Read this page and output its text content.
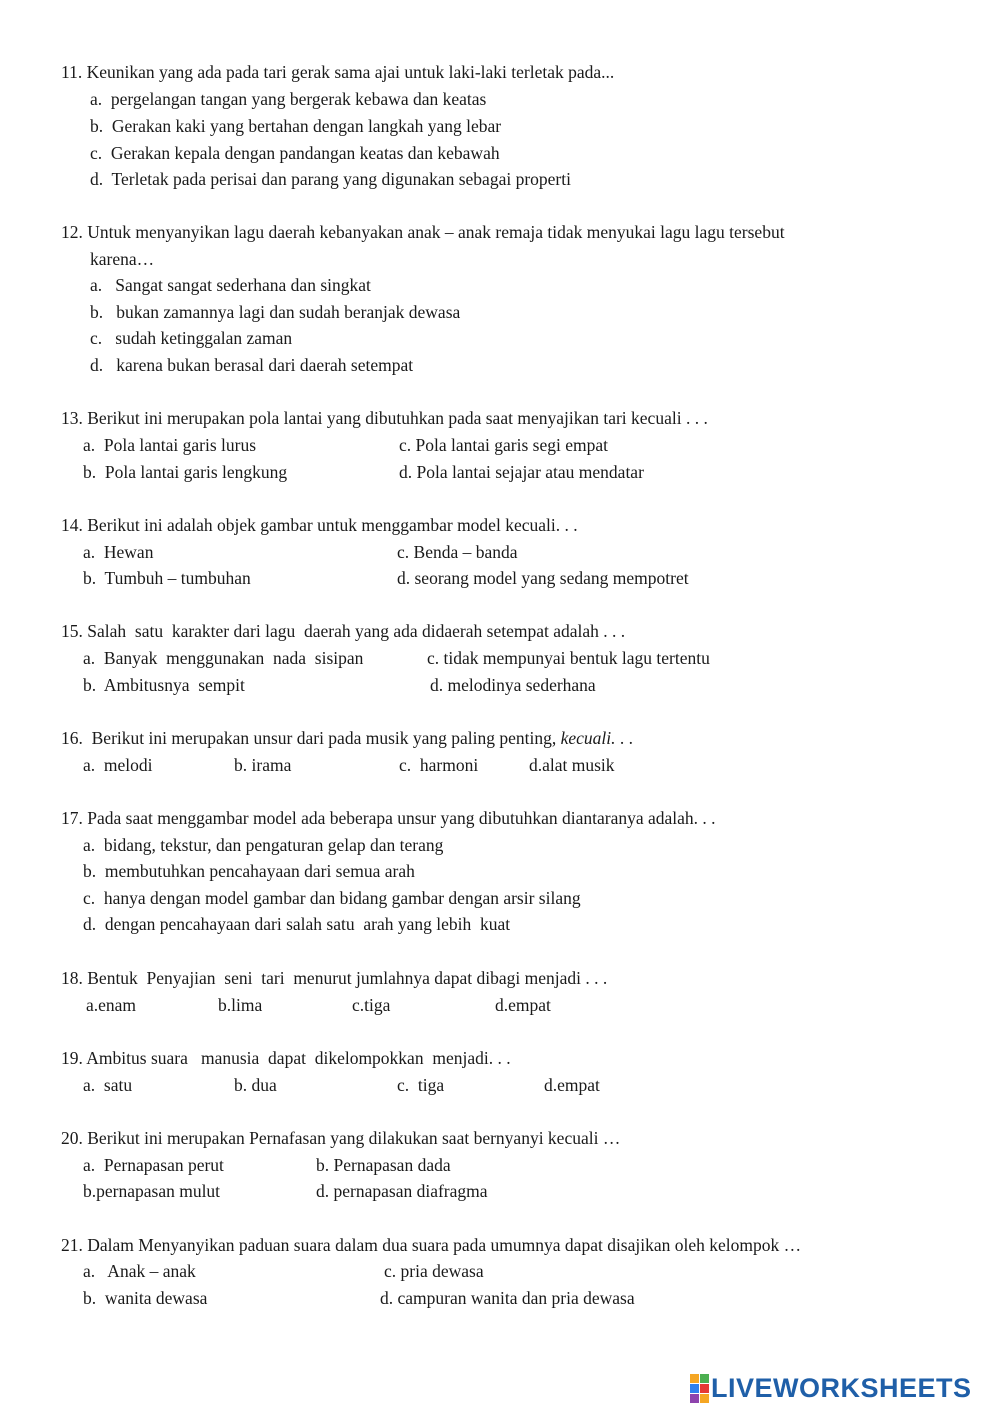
11. Keunikan yang ada pada tari gerak sama ajai untuk laki-laki terletak pada...
a.  pergelangan tangan yang bergerak kebawa dan keatas
b.  Gerakan kaki yang bertahan dengan langkah yang lebar
c.  Gerakan kepala dengan pandangan keatas dan kebawah
d.  Terletak pada perisai dan parang yang digunakan sebagai properti
12. Untuk menyanyikan lagu daerah kebanyakan anak – anak remaja tidak menyukai lagu lagu tersebut
karena…
a.   Sangat sangat sederhana dan singkat
b.   bukan zamannya lagi dan sudah beranjak dewasa
c.   sudah ketinggalan zaman
d.   karena bukan berasal dari daerah setempat
13. Berikut ini merupakan pola lantai yang dibutuhkan pada saat menyajikan tari kecuali . . .
a.  Pola lantai garis lurus	c. Pola lantai garis segi empat
b.  Pola lantai garis lengkung	d. Pola lantai sejajar atau mendatar
14. Berikut ini adalah objek gambar untuk menggambar model kecuali. . .
a.  Hewan	c. Benda – banda
b.  Tumbuh – tumbuhan	d. seorang model yang sedang mempotret
15. Salah  satu  karakter dari lagu  daerah yang ada didaerah setempat adalah . . .
a.  Banyak  menggunakan  nada  sisipan	c. tidak mempunyai bentuk lagu tertentu
b.  Ambitusnya  sempit	d. melodinya sederhana
16.  Berikut ini merupakan unsur dari pada musik yang paling penting, kecuali. . .
a.  melodi	b. irama	c.  harmoni	d.alat musik
17. Pada saat menggambar model ada beberapa unsur yang dibutuhkan diantaranya adalah. . .
a.  bidang, tekstur, dan pengaturan gelap dan terang
b.  membutuhkan pencahayaan dari semua arah
c.  hanya dengan model gambar dan bidang gambar dengan arsir silang
d.  dengan pencahayaan dari salah satu  arah yang lebih  kuat
18. Bentuk  Penyajian  seni  tari  menurut jumlahnya dapat dibagi menjadi . . .
a.enam	b.lima	c.tiga	d.empat
19. Ambitus suara   manusia  dapat  dikelompokkan  menjadi. . .
a.  satu	b. dua	c.  tiga	d.empat
20. Berikut ini merupakan Pernafasan yang dilakukan saat bernyanyi kecuali …
a.  Pernapasan perut	b. Pernapasan dada
b.pernapasan mulut	d. pernapasan diafragma
21. Dalam Menyanyikan paduan suara dalam dua suara pada umumnya dapat disajikan oleh kelompok …
a.   Anak – anak	c. pria dewasa
b.  wanita dewasa	d. campuran wanita dan pria dewasa
LIVEWORKSHEETS
